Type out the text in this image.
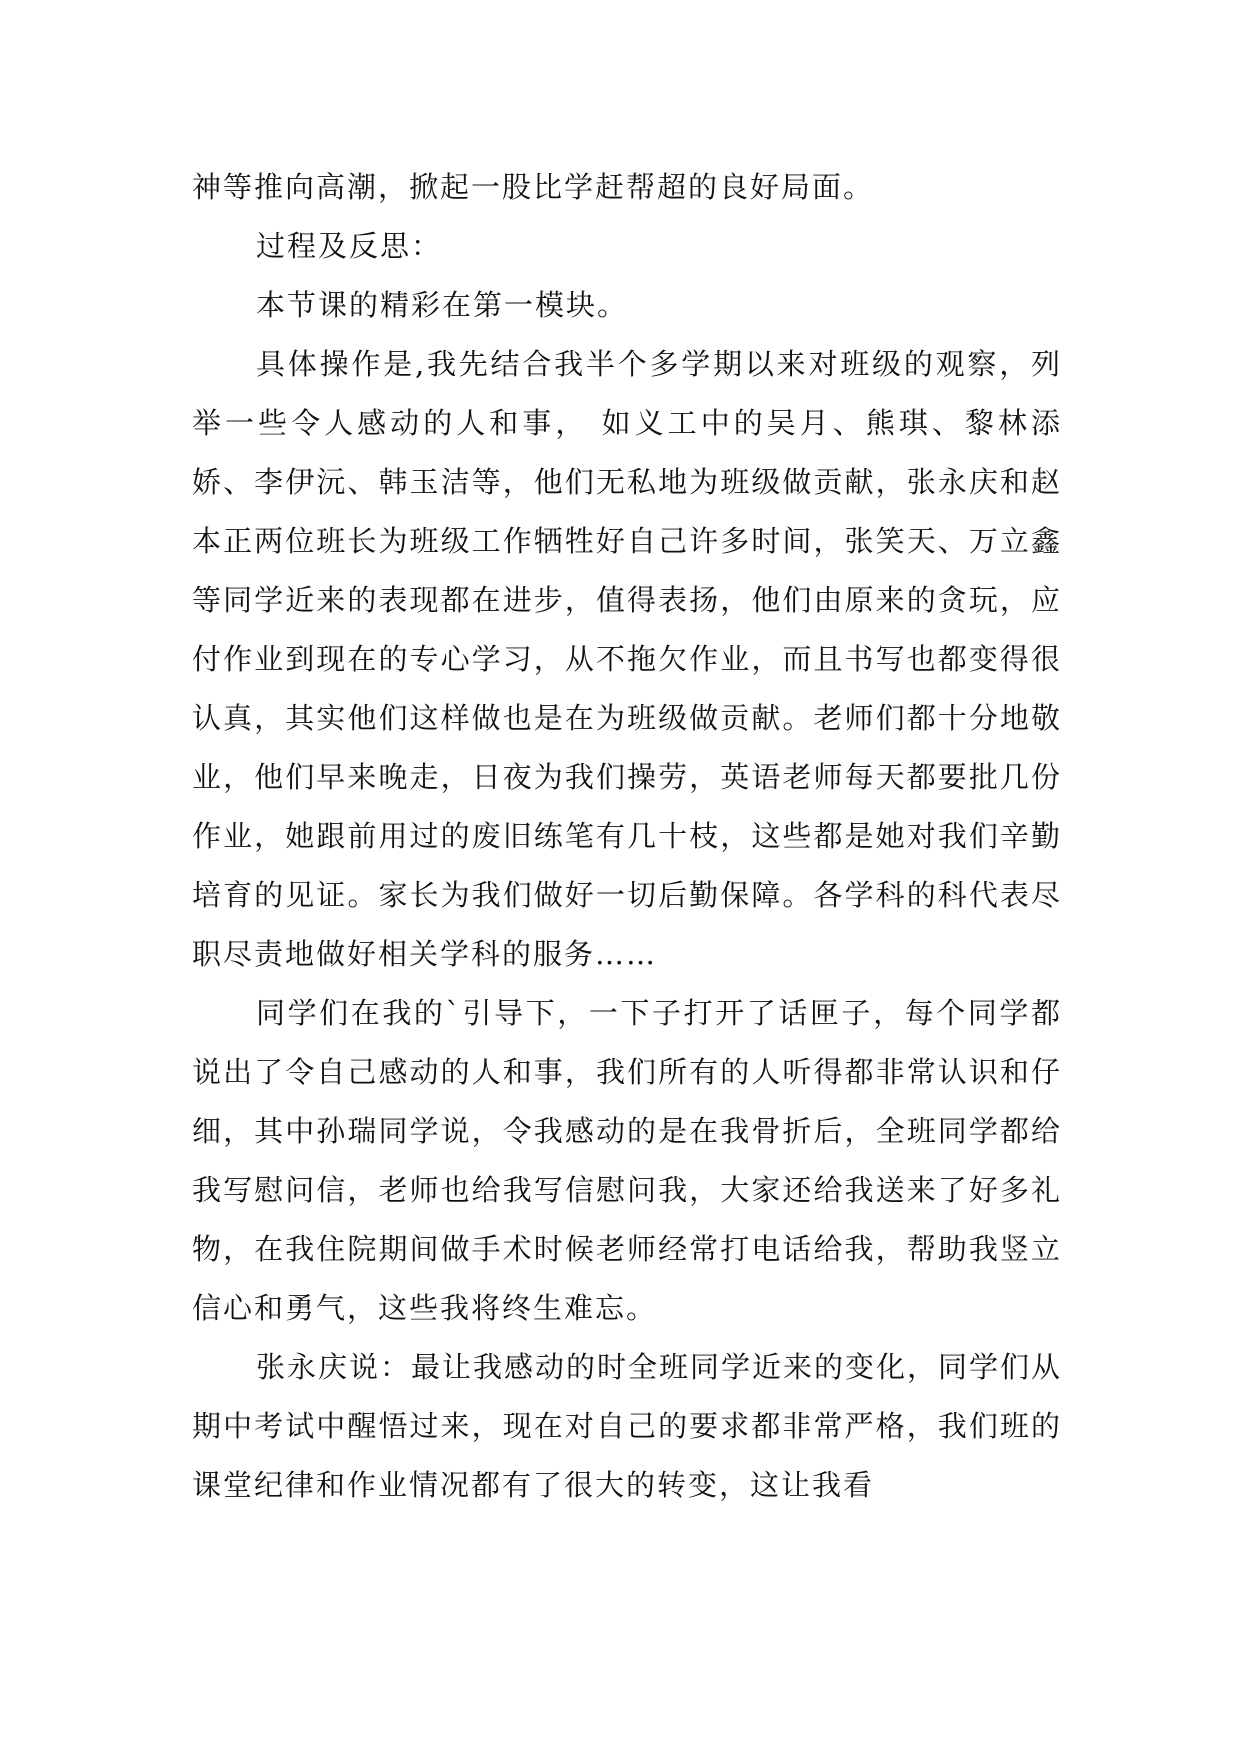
神等推向高潮，掀起一股比学赶帮超的良好局面。

过程及反思：

本节课的精彩在第一模块。

具体操作是,我先结合我半个多学期以来对班级的观察，列举一些令人感动的人和事， 如义工中的吴月、熊琪、黎林添娇、李伊沅、韩玉洁等，他们无私地为班级做贡献，张永庆和赵本正两位班长为班级工作牺牲好自己许多时间，张笑天、万立鑫等同学近来的表现都在进步，值得表扬，他们由原来的贪玩，应付作业到现在的专心学习，从不拖欠作业，而且书写也都变得很认真，其实他们这样做也是在为班级做贡献。老师们都十分地敬业，他们早来晚走，日夜为我们操劳，英语老师每天都要批几份作业，她跟前用过的废旧练笔有几十枝，这些都是她对我们辛勤培育的见证。家长为我们做好一切后勤保障。各学科的科代表尽职尽责地做好相关学科的服务……

同学们在我的`引导下，一下子打开了话匣子，每个同学都说出了令自己感动的人和事，我们所有的人听得都非常认识和仔细，其中孙瑞同学说，令我感动的是在我骨折后，全班同学都给我写慰问信，老师也给我写信慰问我，大家还给我送来了好多礼物，在我住院期间做手术时候老师经常打电话给我，帮助我竖立信心和勇气，这些我将终生难忘。

张永庆说：最让我感动的时全班同学近来的变化，同学们从期中考试中醒悟过来，现在对自己的要求都非常严格，我们班的课堂纪律和作业情况都有了很大的转变，这让我看
